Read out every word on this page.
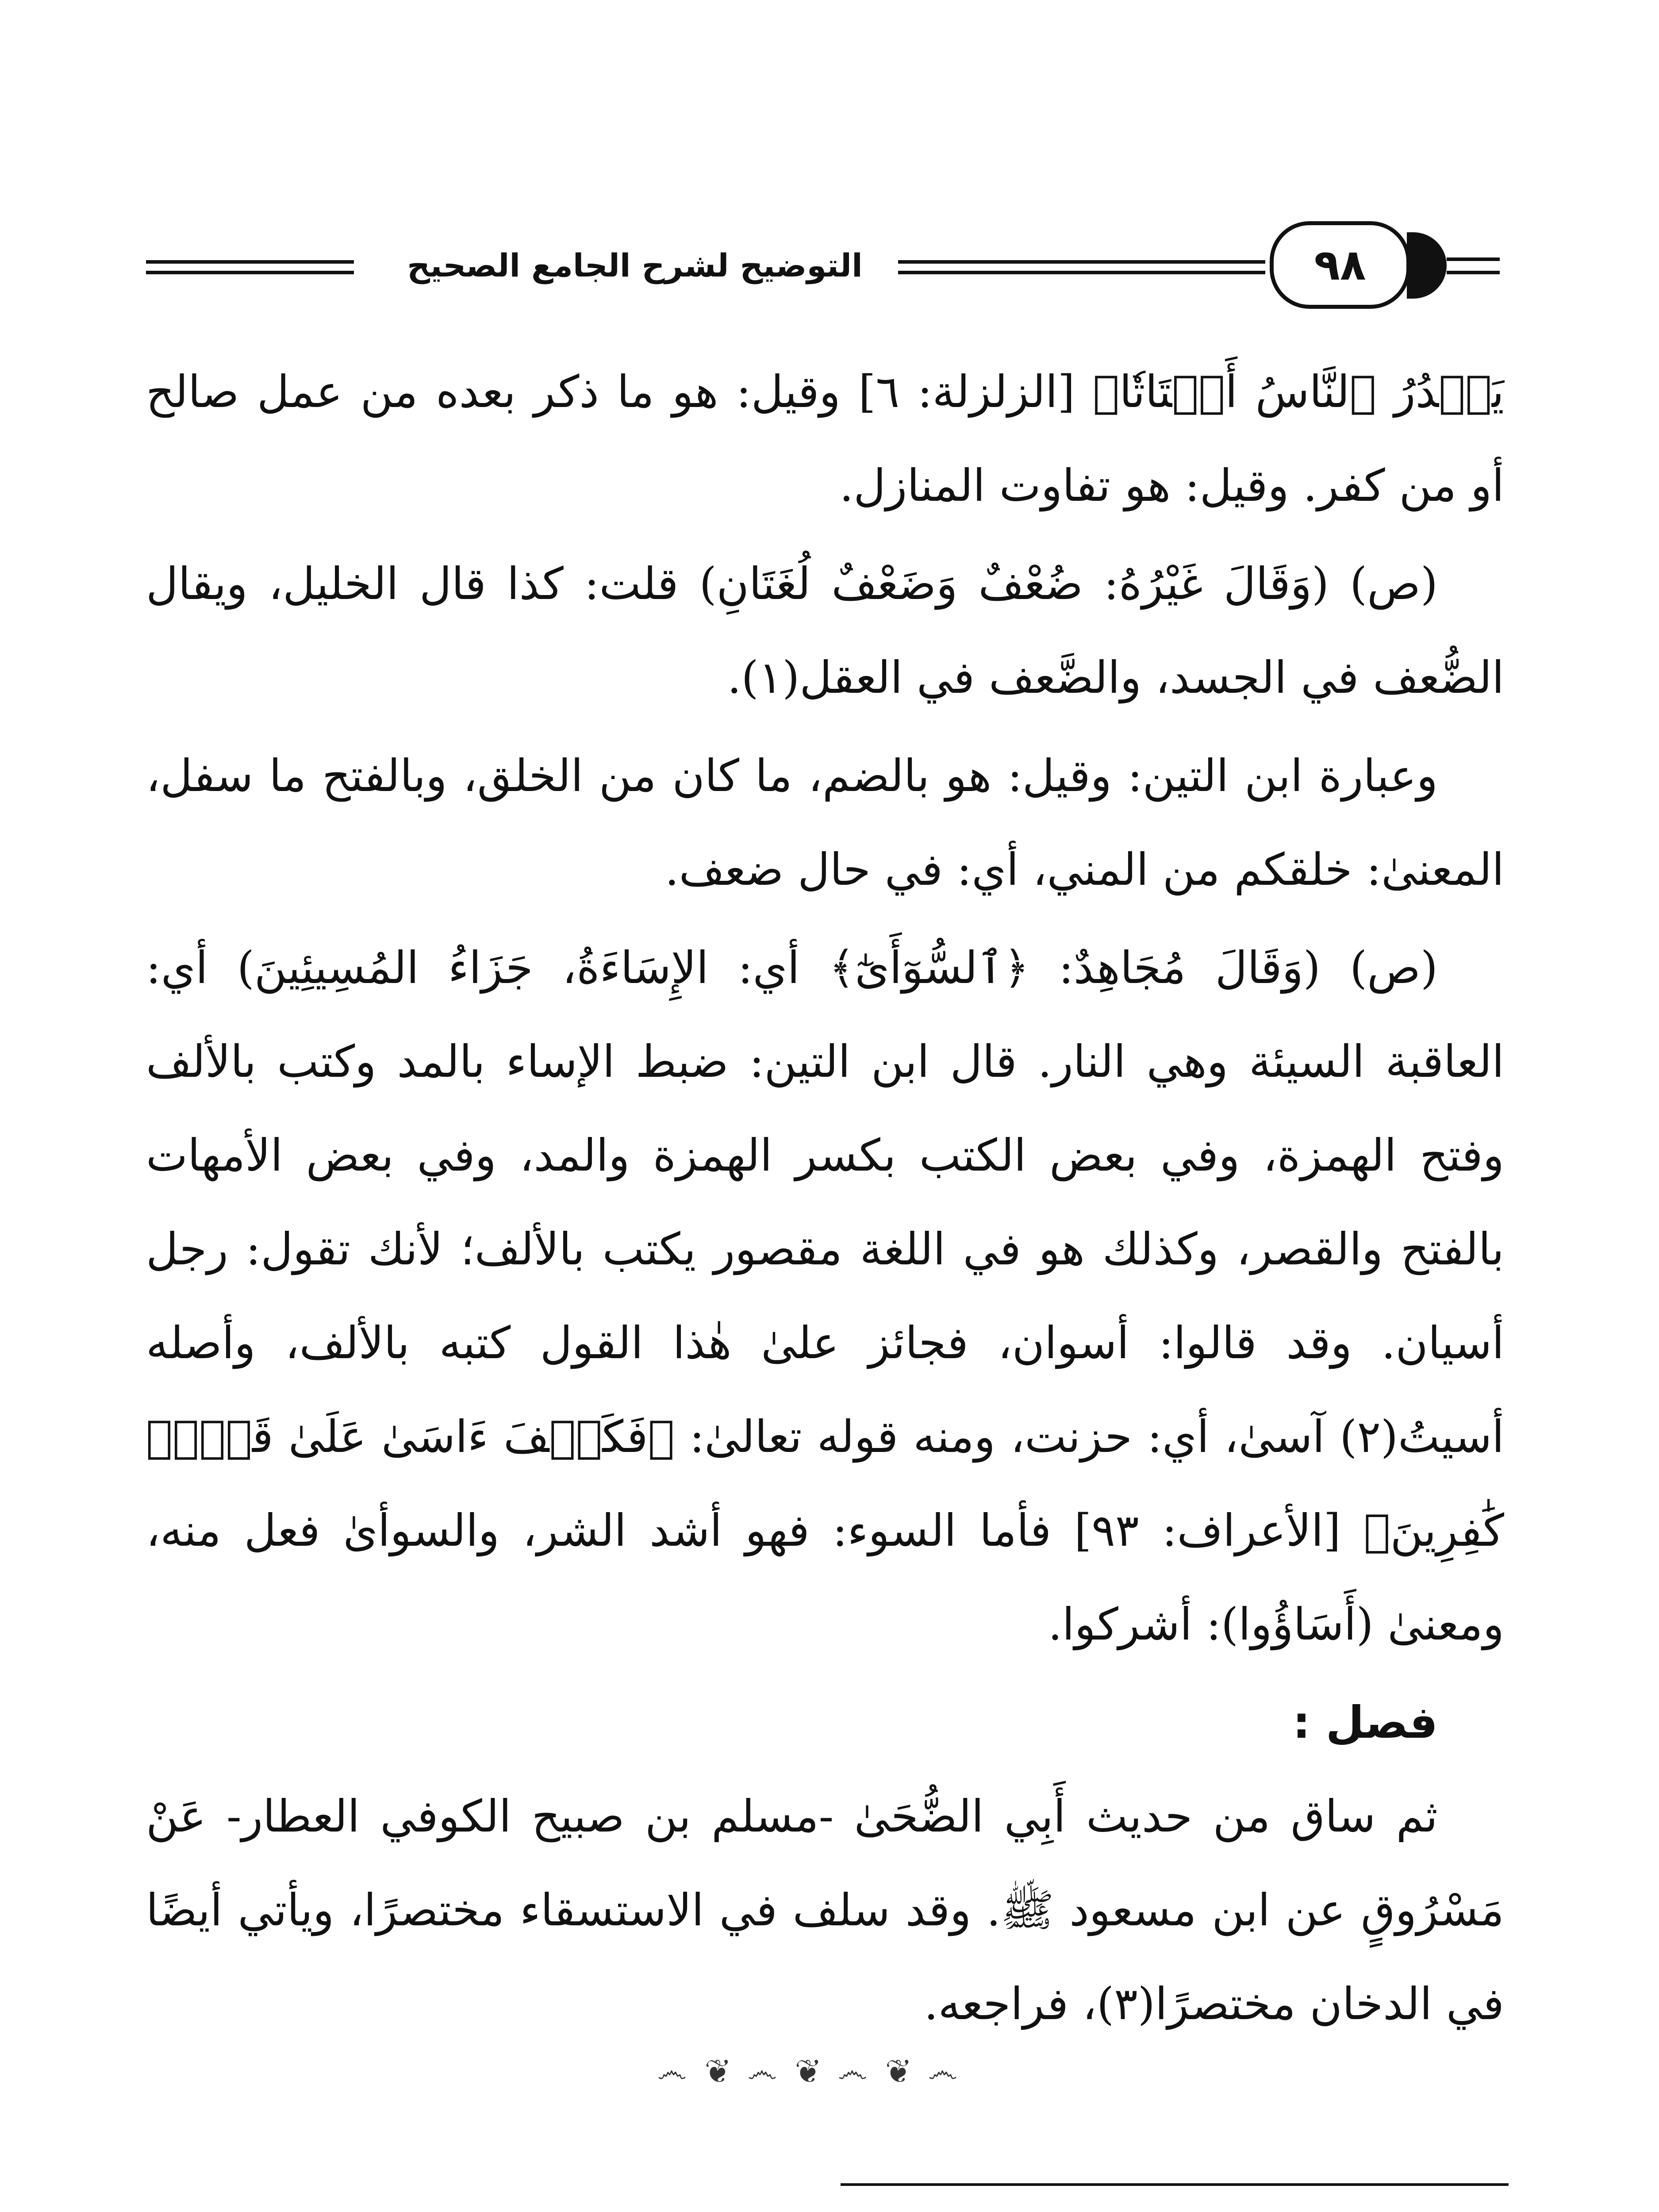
التوضيح لشرح الجامع الصحيح	٩٨

يَصۡدُرُ ٱلنَّاسُ أَشۡتَاتٗا﴾ [الزلزلة: ٦] وقيل: هو ما ذكر بعده من عمل صالح أو من كفر. وقيل: هو تفاوت المنازل.

(ص) (وَقَالَ غَيْرُهُ: ضُعْفٌ وَضَعْفٌ لُغَتَانِ) قلت: كذا قال الخليل، ويقال الضُّعف في الجسد، والضَّعف في العقل(١).

وعبارة ابن التين: وقيل: هو بالضم، ما كان من الخلق، وبالفتح ما سفل، المعنىٰ: خلقكم من المني، أي: في حال ضعف.

(ص) (وَقَالَ مُجَاهِدٌ: ﴿ٱلسُّوٓأَىٰٓ﴾ أي: الإِسَاءَةُ، جَزَاءُ المُسِيئِينَ) أي: العاقبة السيئة وهي النار. قال ابن التين: ضبط الإساء بالمد وكتب بالألف وفتح الهمزة، وفي بعض الكتب بكسر الهمزة والمد، وفي بعض الأمهات بالفتح والقصر، وكذلك هو في اللغة مقصور يكتب بالألف؛ لأنك تقول: رجل أسيان. وقد قالوا: أسوان، فجائز علىٰ هٰذا القول كتبه بالألف، وأصله أسيتُ(٢) آسىٰ، أي: حزنت، ومنه قوله تعالىٰ: ﴿فَكَيۡفَ ءَاسَىٰ عَلَىٰ قَوۡمٖ كَٰفِرِينَ﴾ [الأعراف: ٩٣] فأما السوء: فهو أشد الشر، والسوأىٰ فعل منه، ومعنىٰ (أَسَاؤُوا): أشركوا.

فصل :

ثم ساق من حديث أَبِي الضُّحَىٰ -مسلم بن صبيح الكوفي العطار- عَنْ مَسْرُوقٍ عن ابن مسعود ﷺ. وقد سلف في الاستسقاء مختصرًا، ويأتي أيضًا في الدخان مختصرًا(٣)، فراجعه.

෴ ❦ ෴ ❦ ෴ ❦ ෴
